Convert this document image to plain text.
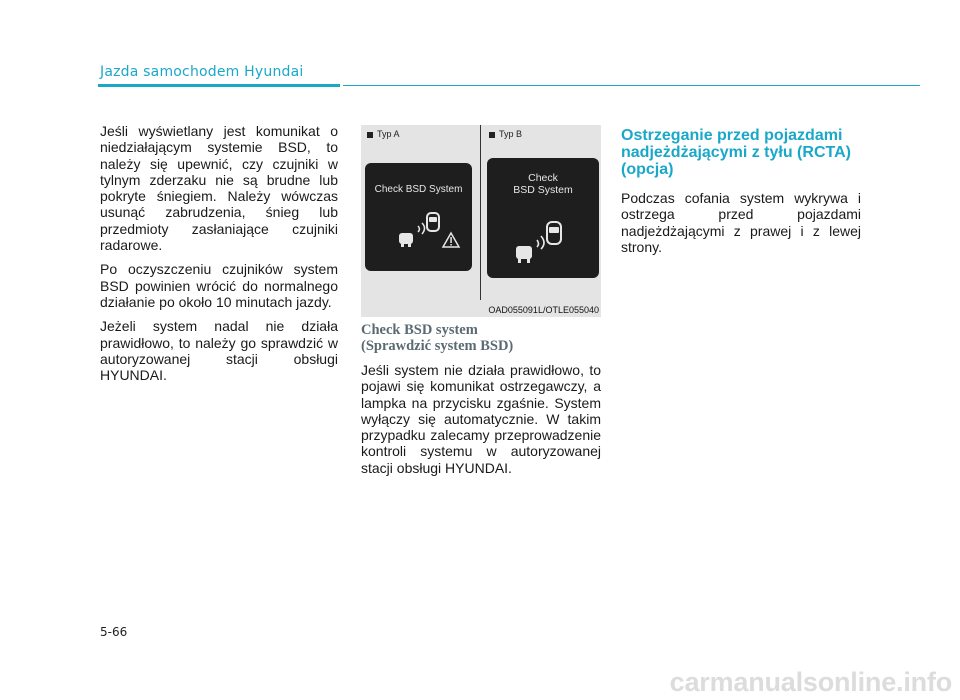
Jazda samochodem Hyundai

Jeśli wyświetlany jest komunikat o niedziałającym systemie BSD, to należy się upewnić, czy czujniki w tylnym zderzaku nie są brudne lub pokryte śniegiem. Należy wówczas usunąć zabrudzenia, śnieg lub przedmioty zasłaniające czujniki radarowe.

Po oczyszczeniu czujników system BSD powinien wrócić do normalnego działanie po około 10 minutach jazdy.

Jeżeli system nadal nie działa prawidłowo, to należy go sprawdzić w autoryzowanej stacji obsługi HYUNDAI.

Typ A	Typ B
Check BSD System
Check
BSD System
OAD055091L/OTLE055040
Check BSD system
(Sprawdzić system BSD)

Jeśli system nie działa prawidłowo, to pojawi się komunikat ostrzegawczy, a lampka na przycisku zgaśnie. System wyłączy się automatycznie. W takim przypadku zalecamy przeprowadzenie kontroli systemu w autoryzowanej stacji obsługi HYUNDAI.

Ostrzeganie przed pojazdami nadjeżdżającymi z tyłu (RCTA) (opcja)

Podczas cofania system wykrywa i ostrzega przed pojazdami nadjeżdżającymi z prawej i z lewej strony.

5-66
carmanualsonline.info
